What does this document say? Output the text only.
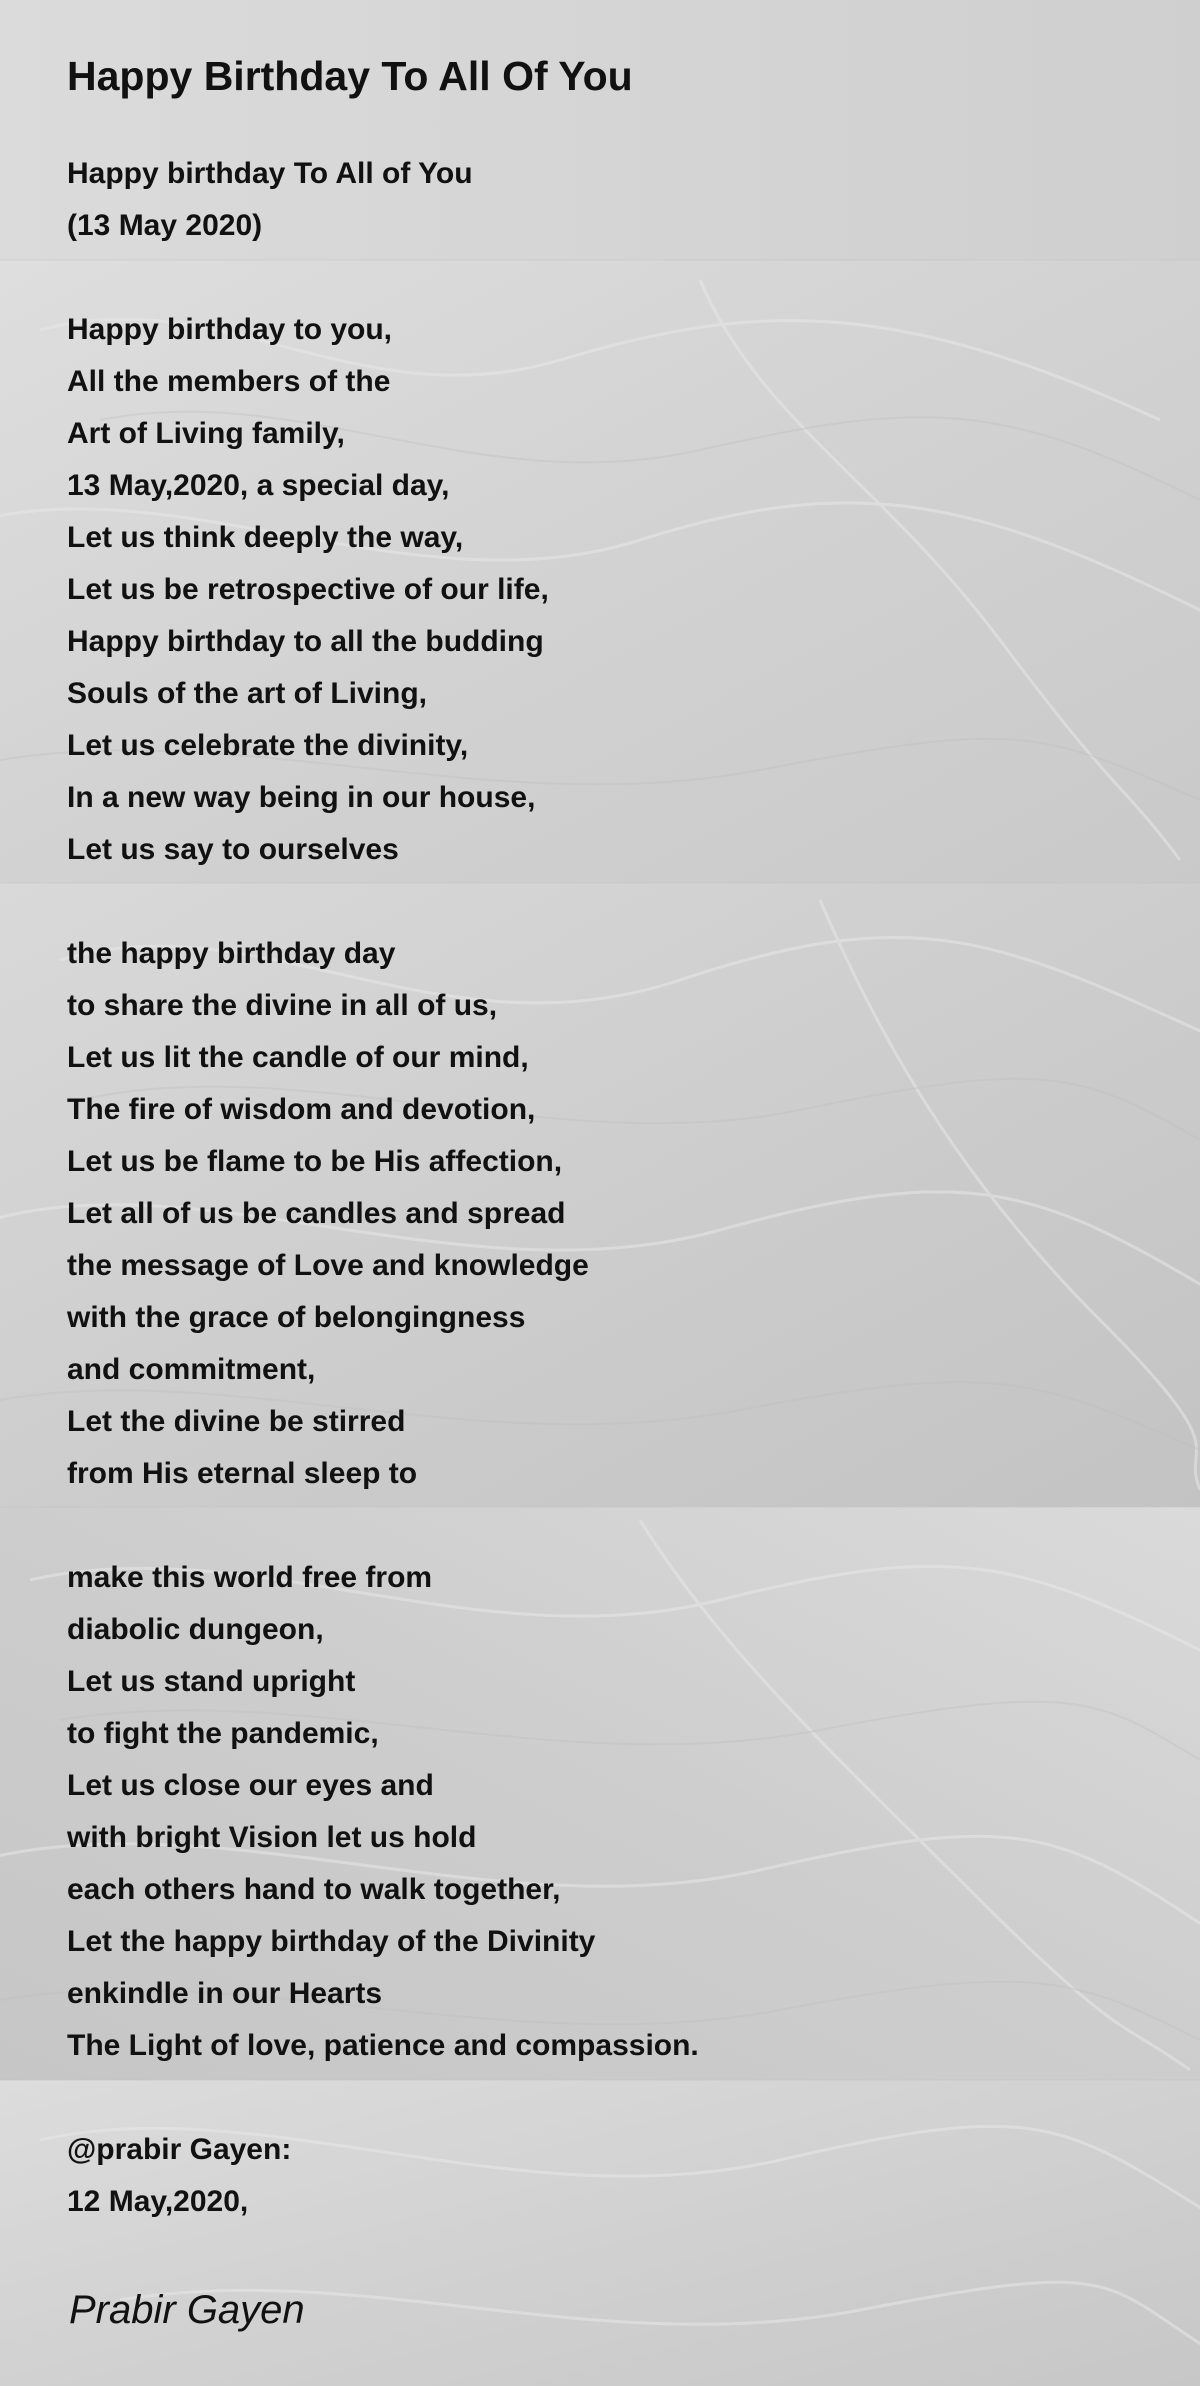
Happy Birthday To All Of You
Happy birthday To All of You
(13 May 2020)
Happy birthday to you,
All the members of the
Art of Living family,
13 May,2020, a special day,
Let us think deeply the way,
Let us be retrospective of our life,
Happy birthday to all the budding
Souls of the art of Living,
Let us celebrate the divinity,
In a new way being in our house,
Let us say to ourselves
the happy birthday day
to share the divine in all of us,
Let us lit the candle of our mind,
The fire of wisdom and devotion,
Let us be flame to be His affection,
Let all of us be candles and spread
the message of Love and knowledge
with the grace of belongingness
and commitment,
Let the divine be stirred
from His eternal sleep to
make this world free from
diabolic dungeon,
Let us stand upright
to fight the pandemic,
Let us close our eyes and
with bright Vision let us hold
each others hand to walk together,
Let the happy birthday of the Divinity
enkindle in our Hearts
The Light of love, patience and compassion.
@prabir Gayen:
12 May,2020,

Prabir Gayen
